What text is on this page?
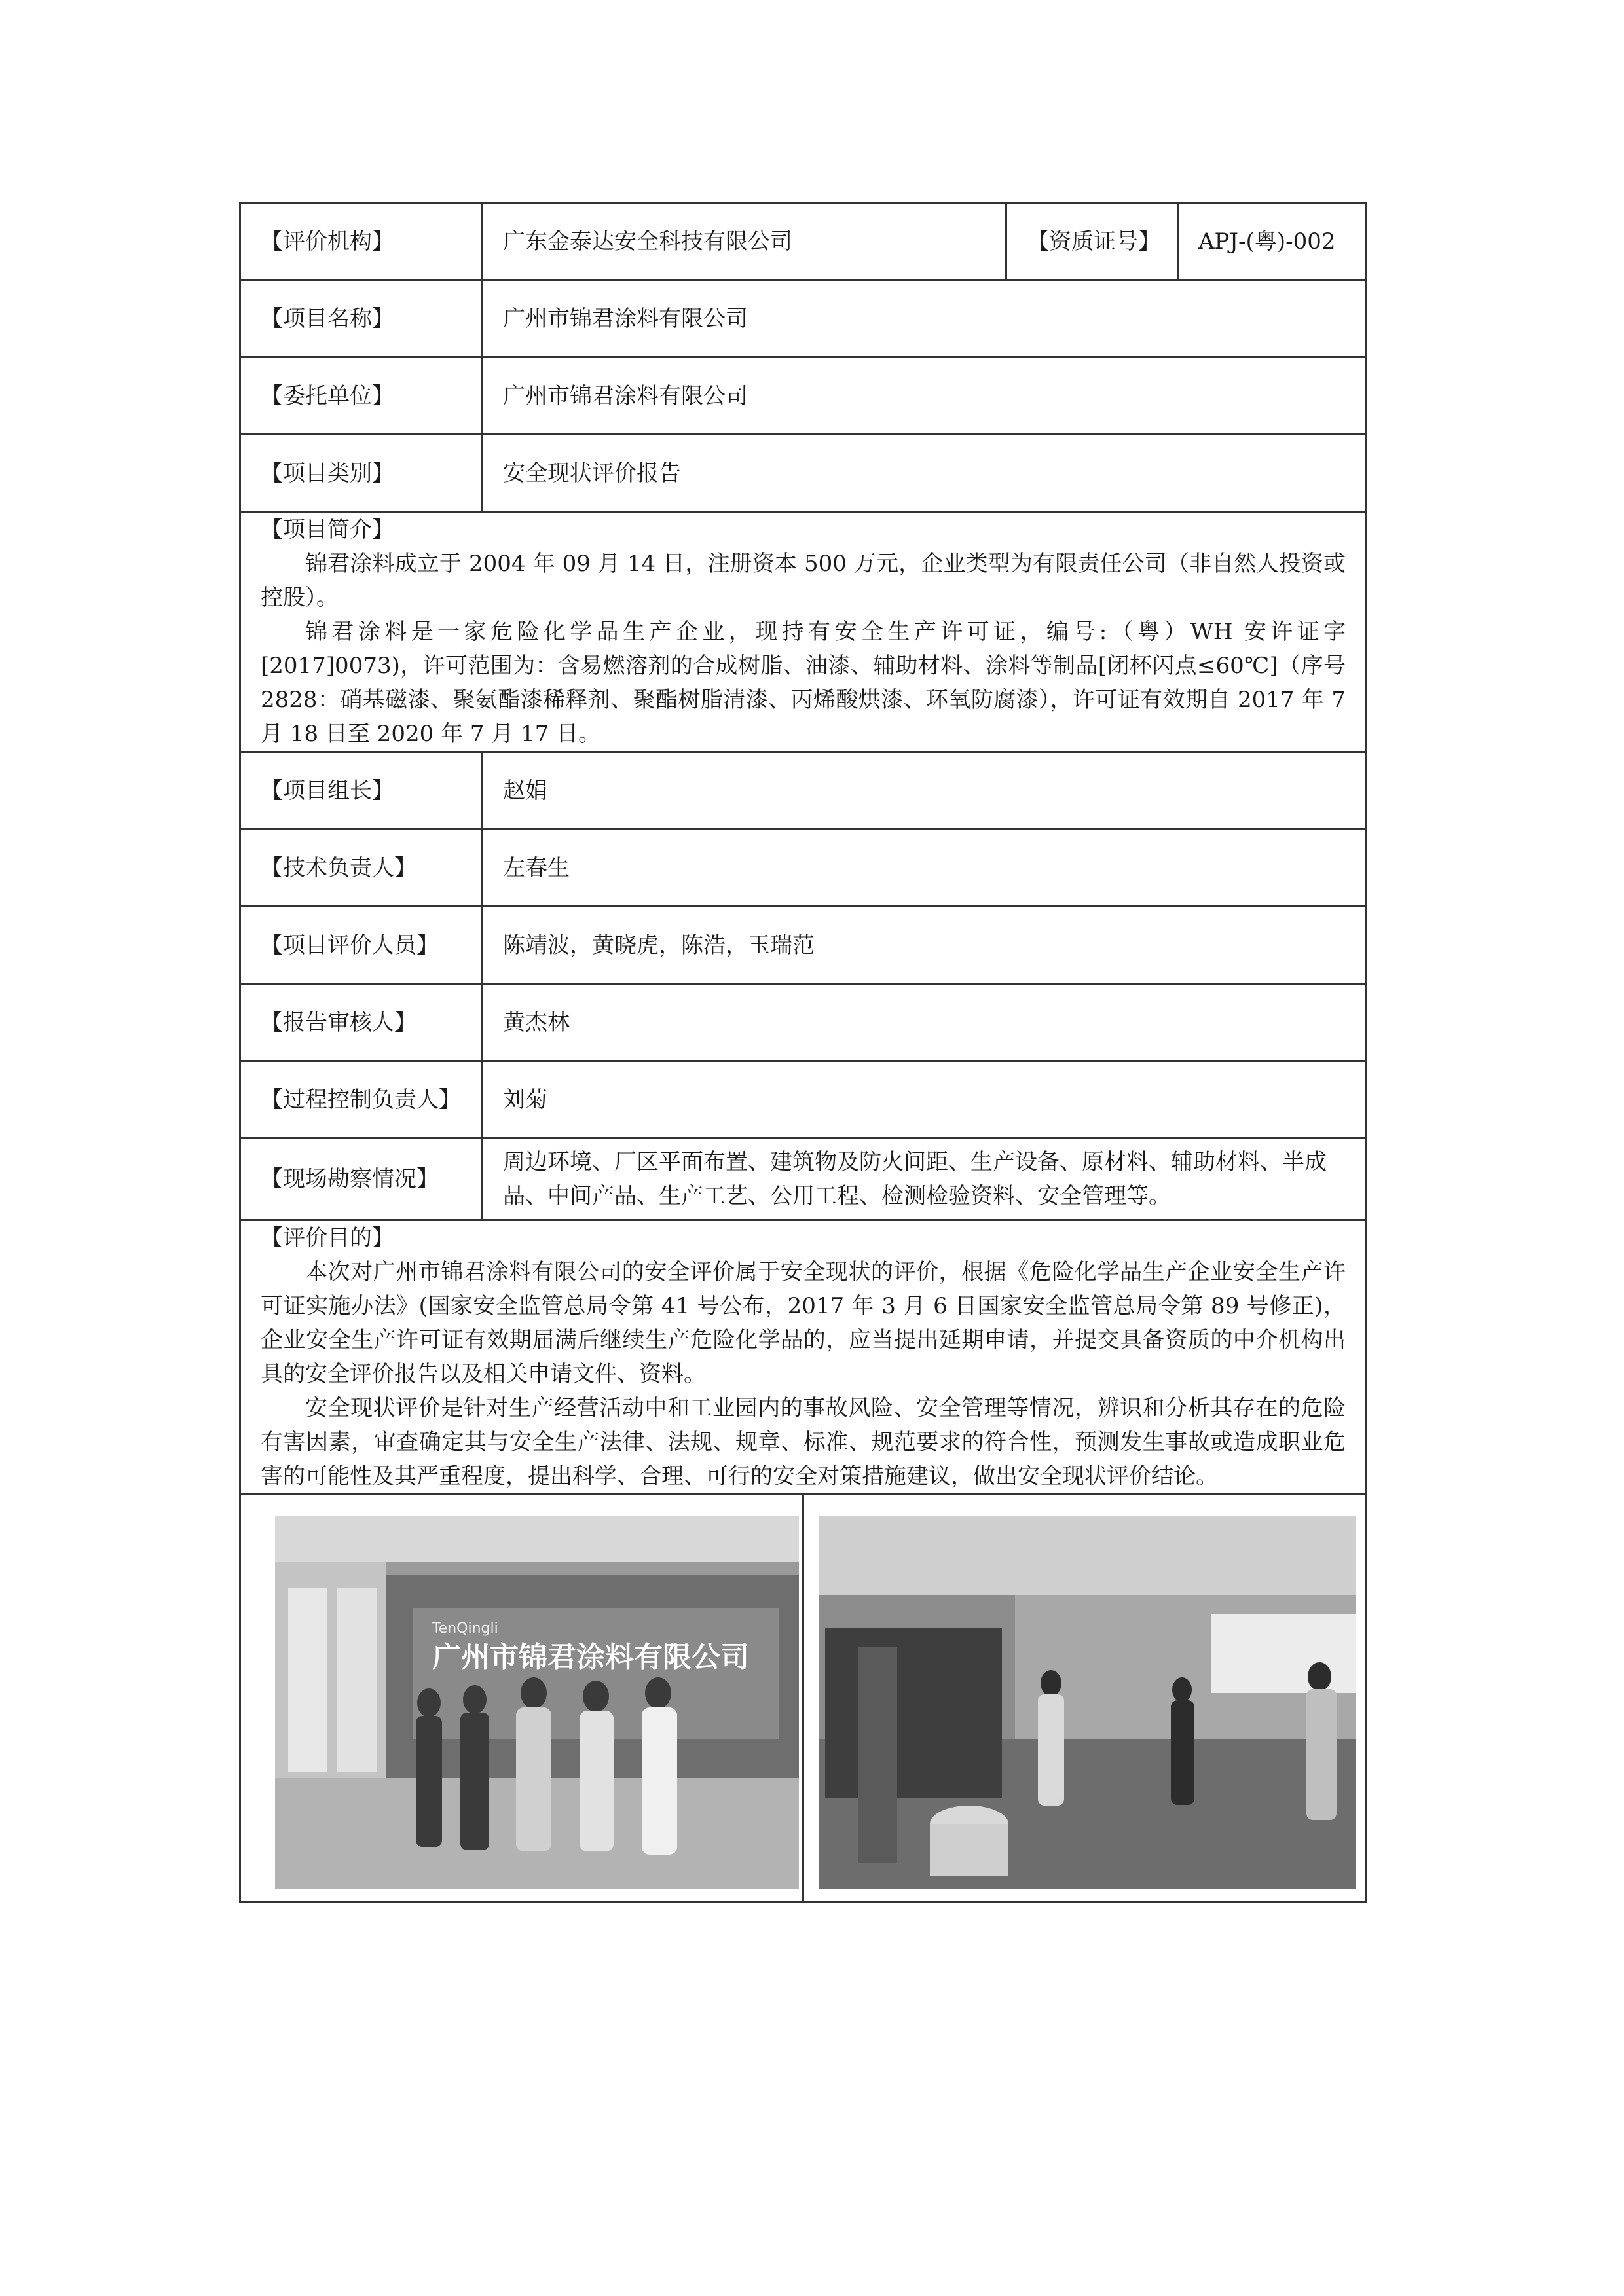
【评价机构】	广东金泰达安全科技有限公司	【资质证号】	APJ-(粤)-002
【项目名称】	广州市锦君涂料有限公司		
【委托单位】	广州市锦君涂料有限公司		
【项目类别】	安全现状评价报告		

【项目简介】

锦君涂料成立于 2004 年 09 月 14 日，注册资本 500 万元，企业类型为有限责任公司（非自然人投资或控股）。

锦君涂料是一家危险化学品生产企业，现持有安全生产许可证，编号:（粤）WH 安许证字[2017]0073)，许可范围为：含易燃溶剂的合成树脂、油漆、辅助材料、涂料等制品[闭杯闪点≤60℃]（序号 2828：硝基磁漆、聚氨酯漆稀释剂、聚酯树脂清漆、丙烯酸烘漆、环氧防腐漆），许可证有效期自 2017 年 7 月 18 日至 2020 年 7 月 17 日。			

【项目组长】	赵娟		
【技术负责人】	左春生		
【项目评价人员】	陈靖波，黄晓虎，陈浩，玉瑞范		
【报告审核人】	黄杰林		
【过程控制负责人】	刘菊		
【现场勘察情况】	周边环境、厂区平面布置、建筑物及防火间距、生产设备、原材料、辅助材料、半成品、中间产品、生产工艺、公用工程、检测检验资料、安全管理等。		

【评价目的】

本次对广州市锦君涂料有限公司的安全评价属于安全现状的评价，根据《危险化学品生产企业安全生产许可证实施办法》(国家安全监管总局令第 41 号公布，2017 年 3 月 6 日国家安全监管总局令第 89 号修正)，企业安全生产许可证有效期届满后继续生产危险化学品的，应当提出延期申请，并提交具备资质的中介机构出具的安全评价报告以及相关申请文件、资料。

安全现状评价是针对生产经营活动中和工业园内的事故风险、安全管理等情况，辨识和分析其存在的危险有害因素，审查确定其与安全生产法律、法规、规章、标准、规范要求的符合性，预测发生事故或造成职业危害的可能性及其严重程度，提出科学、合理、可行的安全对策措施建议，做出安全现状评价结论。			

TenQingli
广州市锦君涂料有限公司			
